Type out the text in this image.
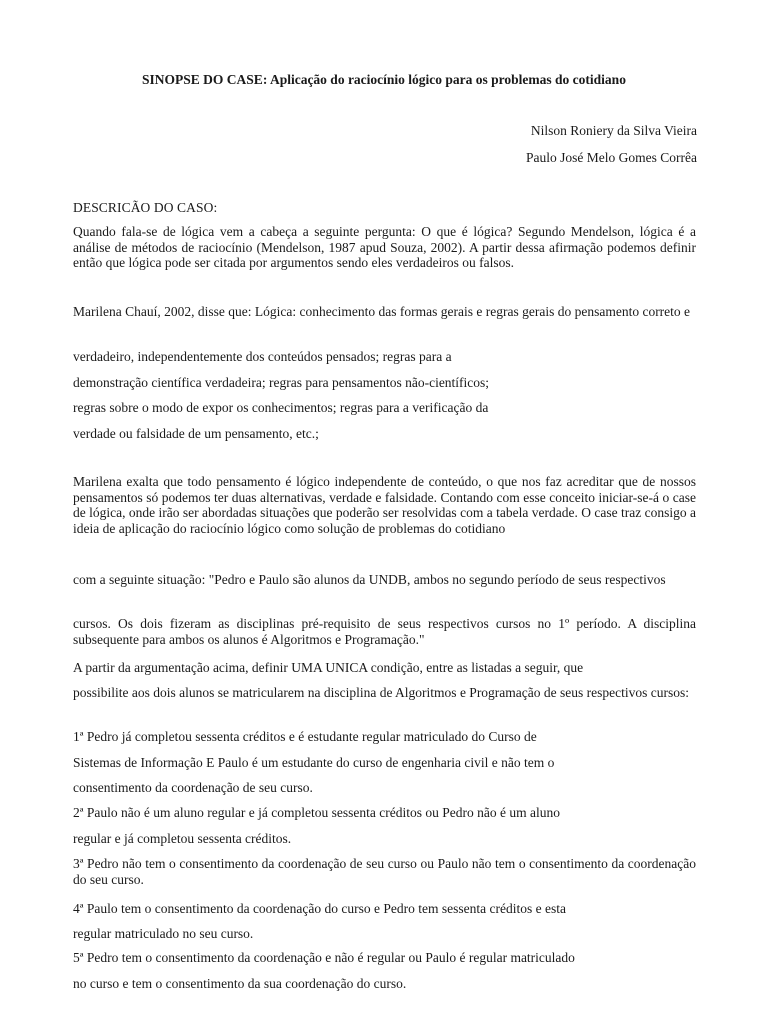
SINOPSE DO CASE: Aplicação do raciocínio lógico para os problemas do cotidiano
Nilson Roniery da Silva Vieira
Paulo José Melo Gomes Corrêa
DESCRICÃO DO CASO:

Quando fala-se de lógica vem a cabeça a seguinte pergunta: O que é lógica? Segundo Mendelson, lógica é a análise de métodos de raciocínio (Mendelson, 1987 apud Souza, 2002). A partir dessa afirmação podemos definir então que lógica pode ser citada por argumentos sendo eles verdadeiros ou falsos.

Marilena Chauí, 2002, disse que: Lógica: conhecimento das formas gerais e regras gerais do pensamento correto e

verdadeiro, independentemente dos conteúdos pensados; regras para a
demonstração científica verdadeira; regras para pensamentos não-científicos;
regras sobre o modo de expor os conhecimentos; regras para a verificação da
verdade ou falsidade de um pensamento, etc.;

Marilena exalta que todo pensamento é lógico independente de conteúdo, o que nos faz acreditar que de nossos pensamentos só podemos ter duas alternativas, verdade e falsidade. Contando com esse conceito iniciar-se-á o case de lógica, onde irão ser abordadas situações que poderão ser resolvidas com a tabela verdade. O case traz consigo a ideia de aplicação do raciocínio lógico como solução de problemas do cotidiano

com a seguinte situação: "Pedro e Paulo são alunos da UNDB, ambos no segundo período de seus respectivos

cursos. Os dois fizeram as disciplinas pré-requisito de seus respectivos cursos no 1º período. A disciplina subsequente para ambos os alunos é Algoritmos e Programação."

A partir da argumentação acima, definir UMA UNICA condição, entre as listadas a seguir, que

possibilite aos dois alunos se matricularem na disciplina de Algoritmos e Programação de seus respectivos cursos:

1ª Pedro já completou sessenta créditos e é estudante regular matriculado do Curso de
Sistemas de Informação E Paulo é um estudante do curso de engenharia civil e não tem o
consentimento da coordenação de seu curso.
2ª Paulo não é um aluno regular e já completou sessenta créditos ou Pedro não é um aluno
regular e já completou sessenta créditos.

3ª Pedro não tem o consentimento da coordenação de seu curso ou Paulo não tem o consentimento da coordenação do seu curso.

4ª Paulo tem o consentimento da coordenação do curso e Pedro tem sessenta créditos e esta
regular matriculado no seu curso.
5ª Pedro tem o consentimento da coordenação e não é regular ou Paulo é regular matriculado
no curso e tem o consentimento da sua coordenação do curso.
